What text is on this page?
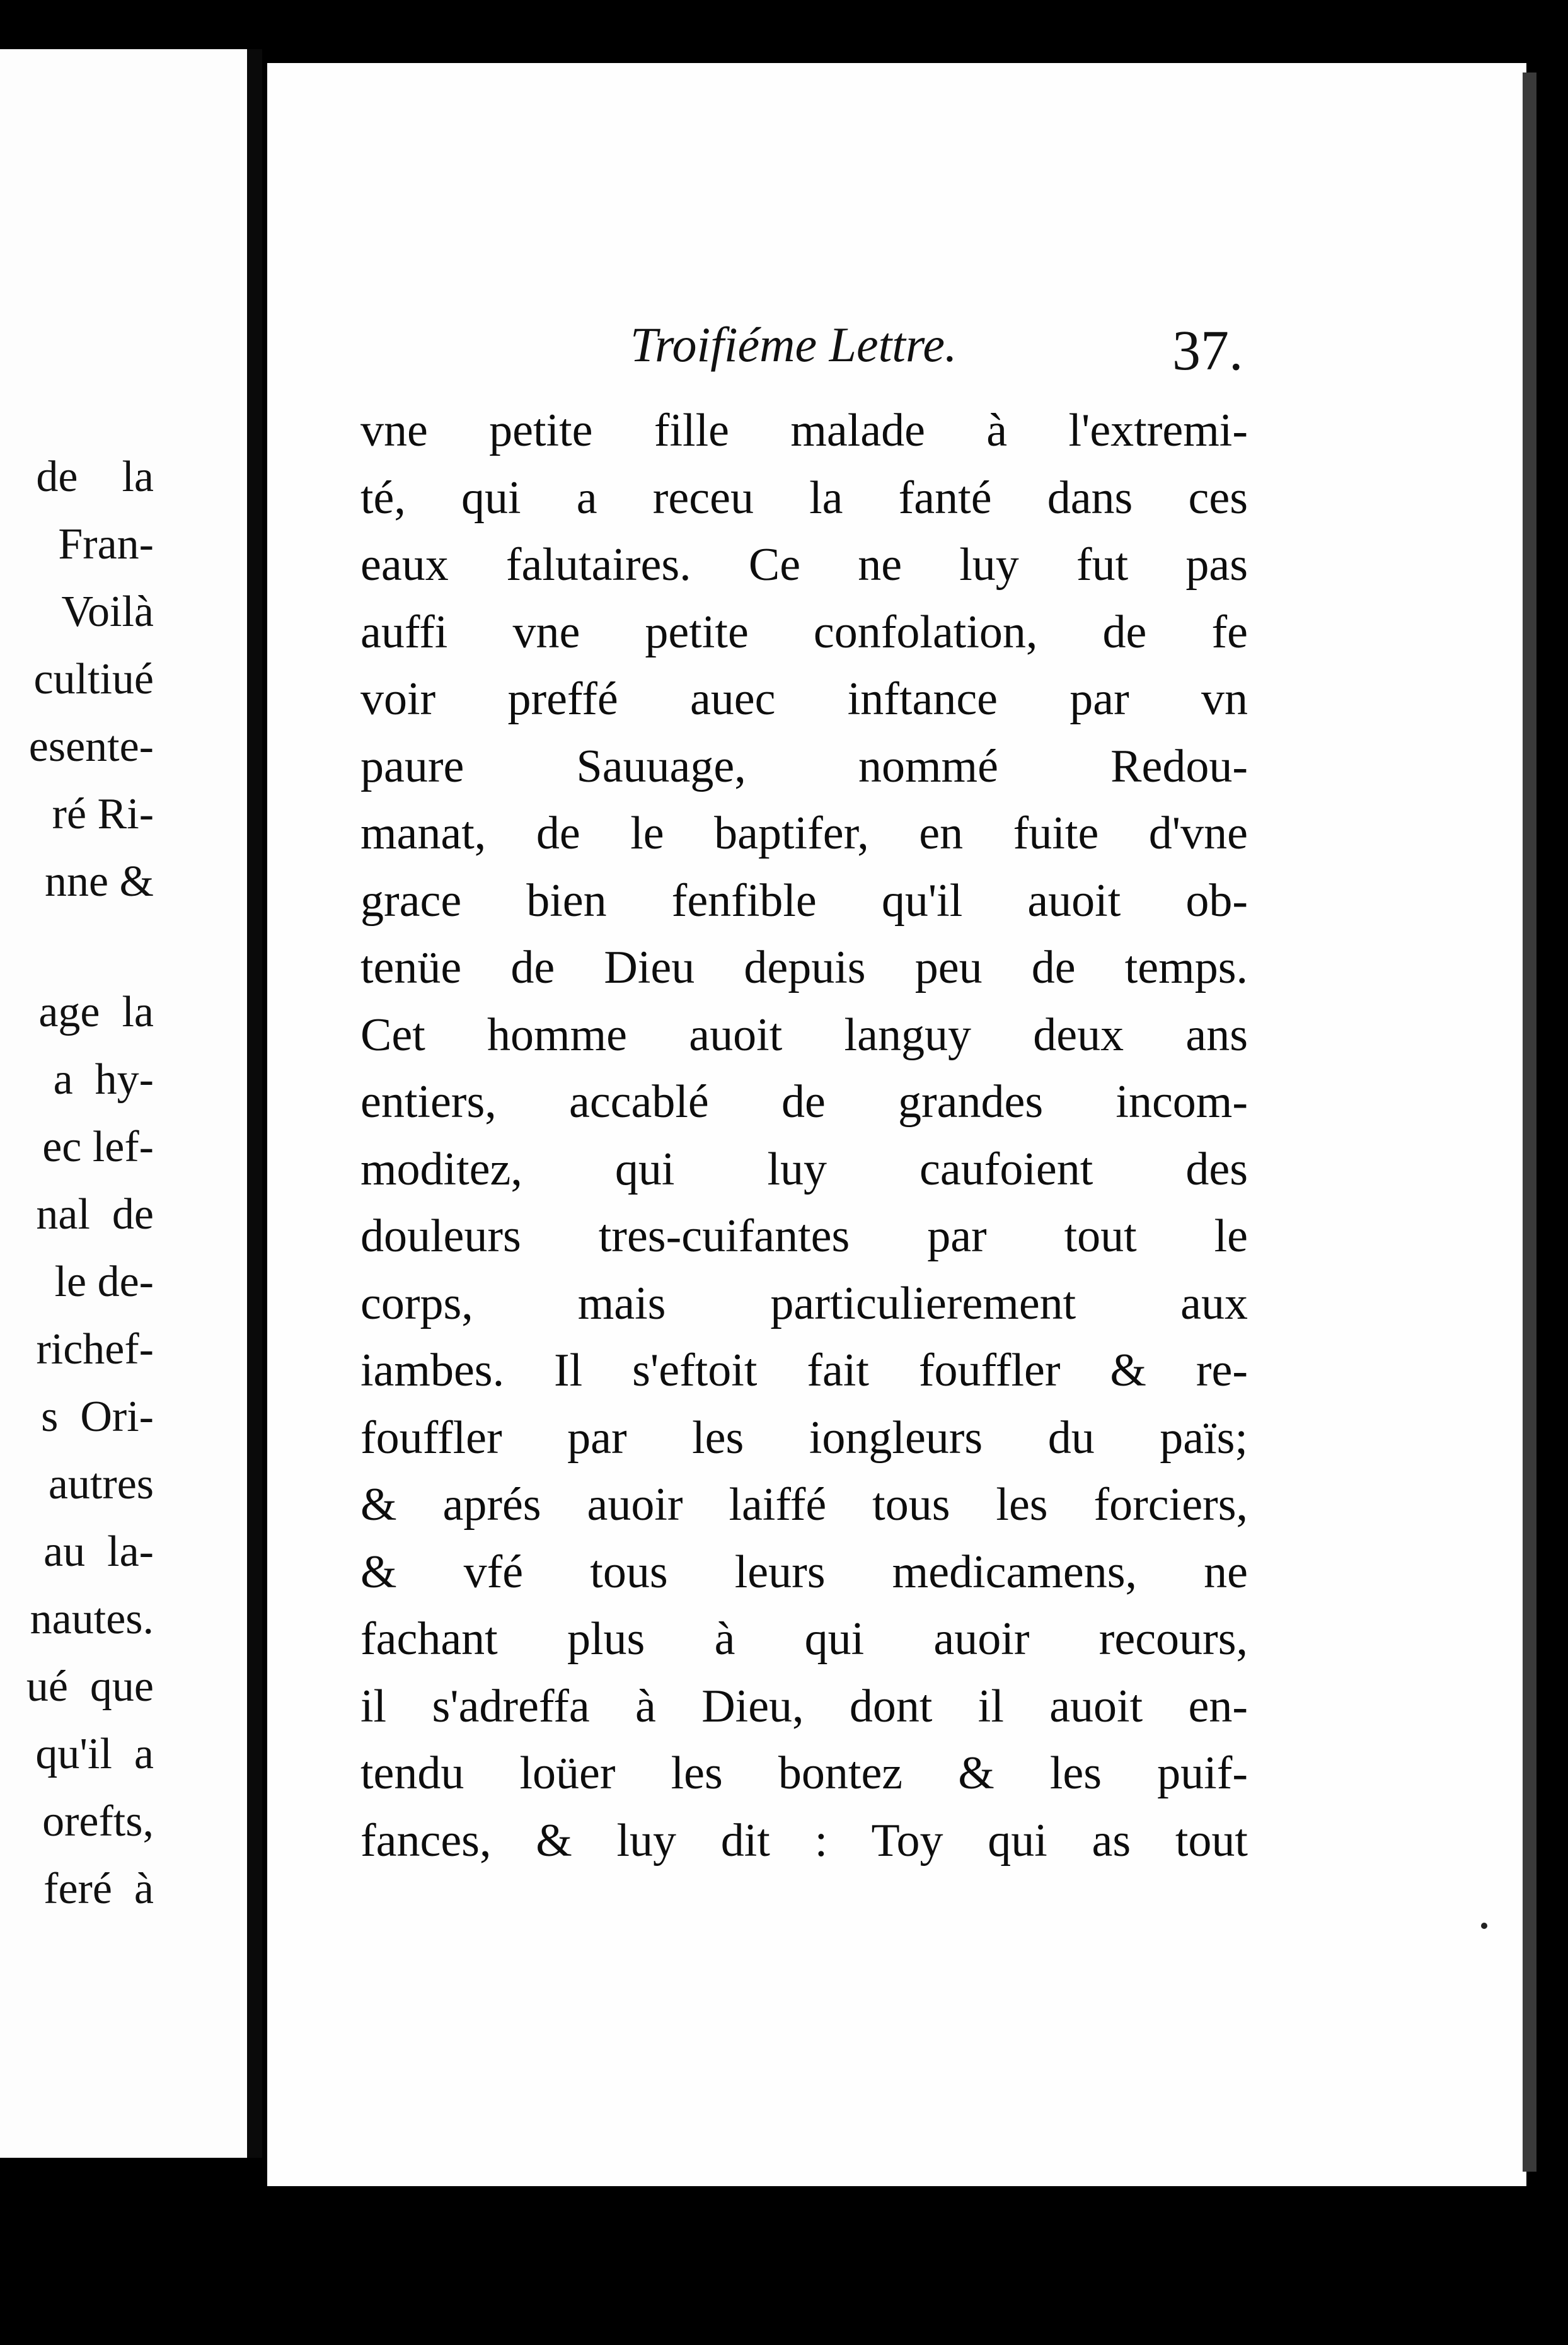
de    la
Fran-
Voilà
cultiué
esente-
ré Ri-
nne &
age  la
a  hy-
ec lef-
nal  de
le de-
richef-
s  Ori-
autres
au  la-
nautes.
ué  que
qu'il  a
orefts,
feré  à
Troifiéme Lettre.	37.
vne petite fille malade à l'extremi-
té, qui a receu la fanté dans ces
eaux falutaires. Ce ne luy fut pas
auffi vne petite confolation, de fe
voir preffé auec inftance par vn
paure Sauuage, nommé Redou-
manat, de le baptifer, en fuite d'vne
grace bien fenfible qu'il auoit ob-
tenüe de Dieu depuis peu de temps.
Cet homme auoit languy deux ans
entiers, accablé de grandes incom-
moditez, qui luy caufoient des
douleurs tres-cuifantes par tout le
corps, mais particulierement aux
iambes. Il s'eftoit fait fouffler & re-
fouffler par les iongleurs du païs;
& aprés auoir laiffé tous les forciers,
& vfé tous leurs medicamens, ne
fachant plus à qui auoir recours,
il s'adreffa à Dieu, dont il auoit en-
tendu loüer les bontez & les puif-
fances, & luy dit : Toy qui as tout
